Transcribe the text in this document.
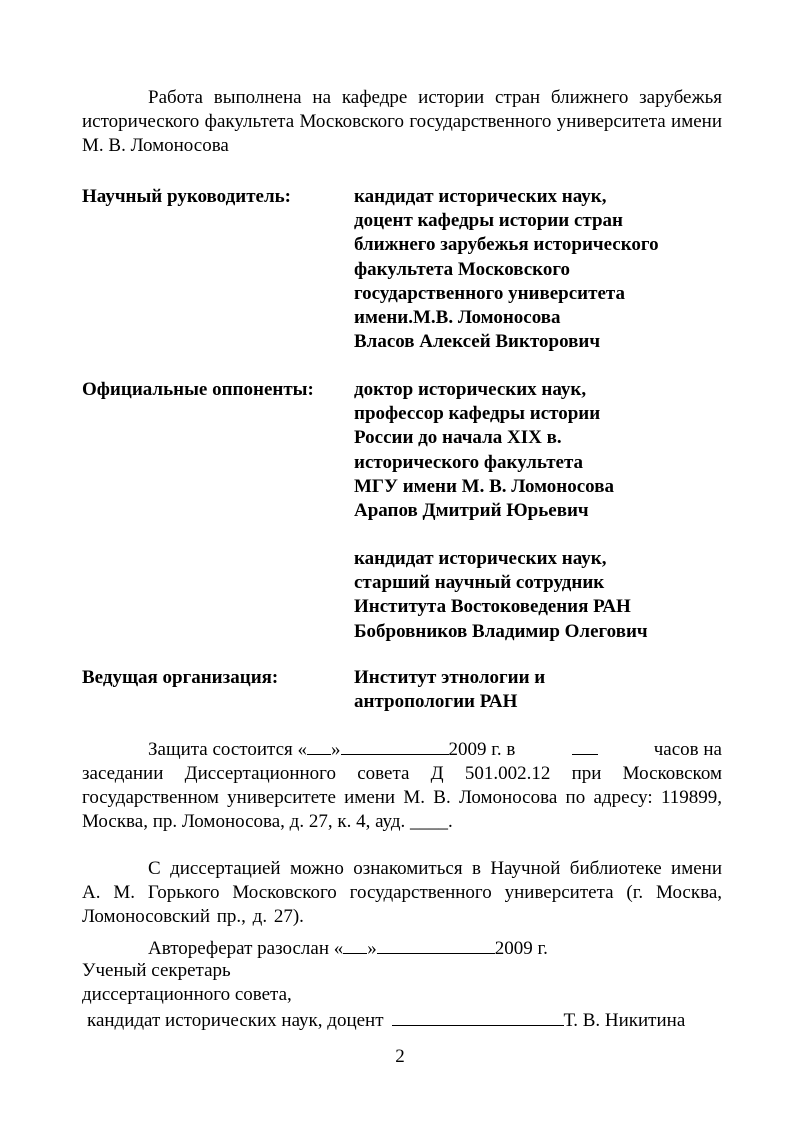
Работа выполнена на кафедре истории стран ближнего зарубежья исторического факультета Московского государственного университета имени М. В. Ломоносова

Научный руководитель:	кандидат исторических наук,
доцент кафедры истории стран
ближнего зарубежья исторического
факультета Московского
государственного университета
имени.М.В. Ломоносова
Власов Алексей Викторович

Официальные оппоненты: доктор исторических наук,
профессор кафедры истории
России до начала XIX в.
исторического факультета
МГУ имени М. В. Ломоносова
Арапов Дмитрий Юрьевич
кандидат исторических наук,
старший научный сотрудник
Института Востоковедения РАН
Бобровников Владимир Олегович

Ведущая организация:	Институт этнологии и
антропологии РАН
Защита состоится « »	2009 г. в	часов на
заседании Диссертационного совета Д 501.002.12 при Московском государственном университете имени М. В. Ломоносова по адресу: 119899, Москва, пр. Ломоносова, д. 27, к. 4, ауд. ____.

С диссертацией можно ознакомиться в Научной библиотеке имени А. М. Горького Московского государственного университета (г. Москва, Ломоносовский пр., д. 27).

Автореферат разослан « »	2009 г.

Ученый секретарь

диссертационного совета,

кандидат исторических наук, доцент	Т. В. Никитина
2
